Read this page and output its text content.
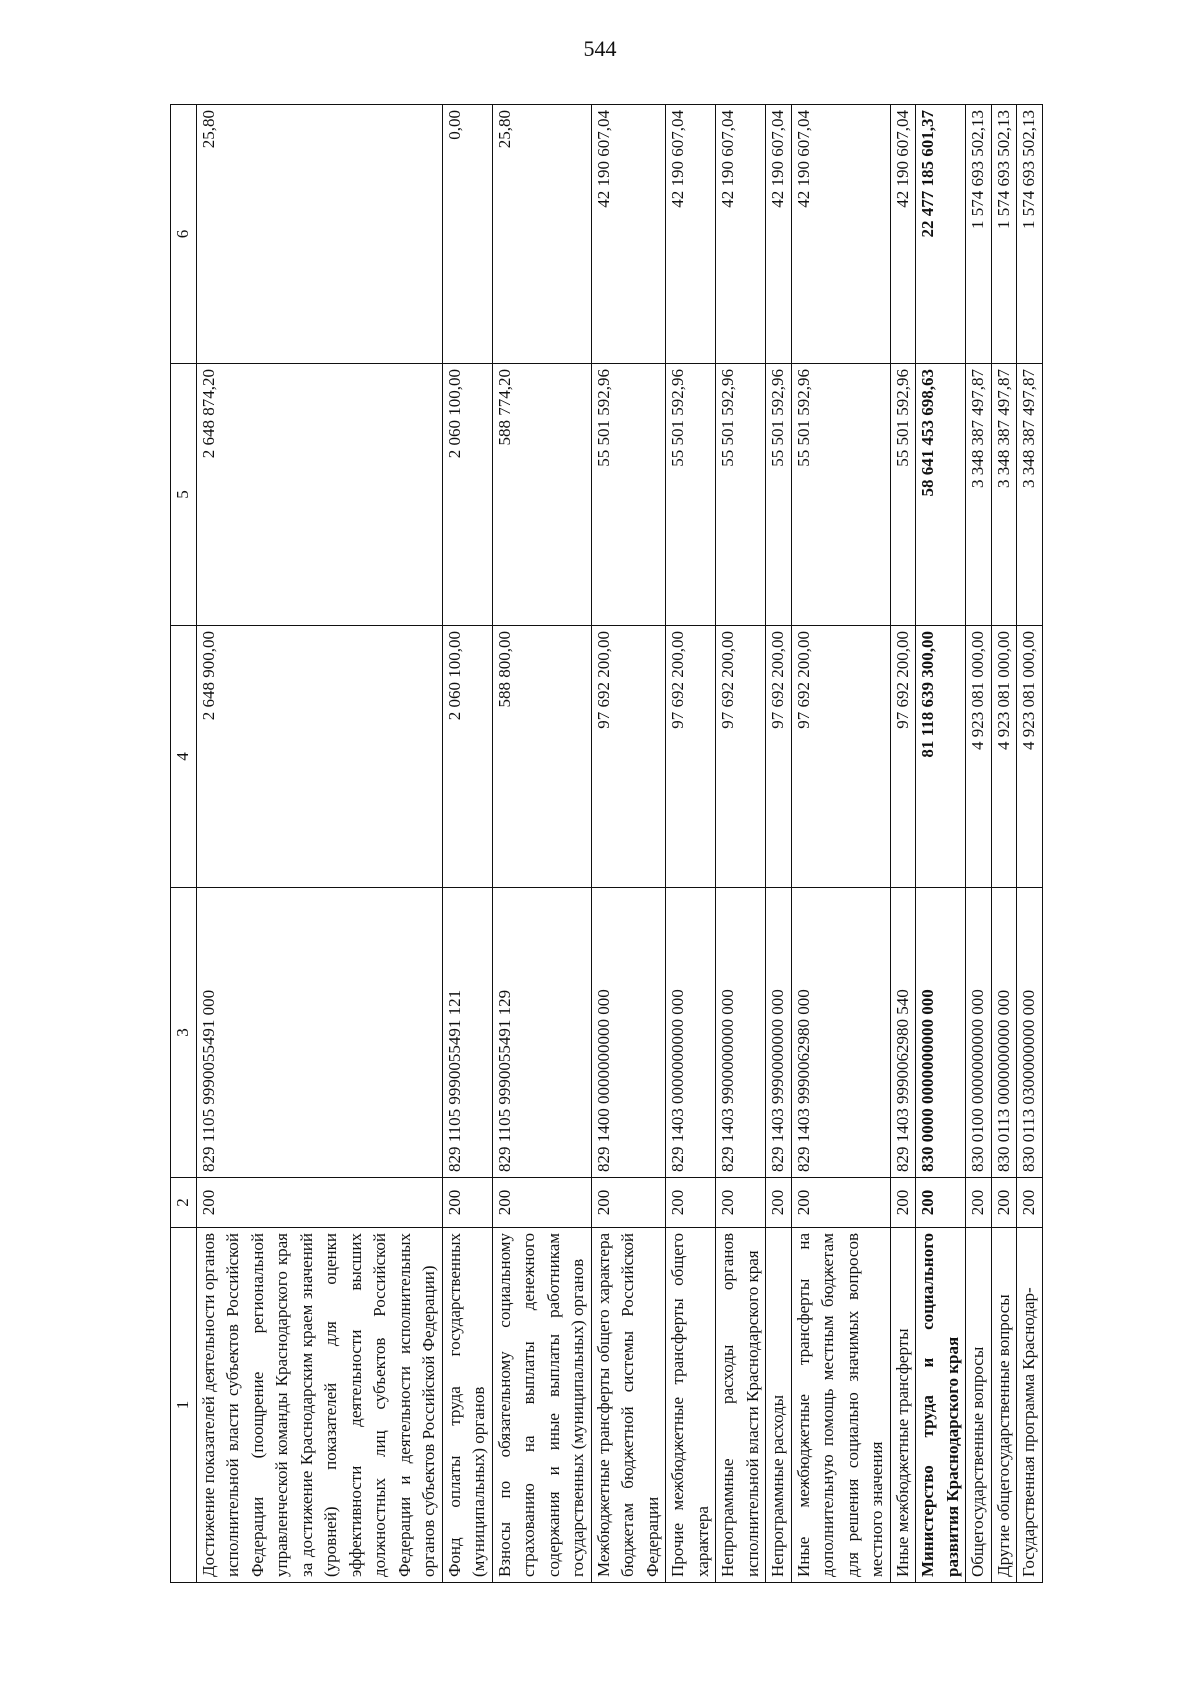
544
1	2	3	4	5	6
Достижение показателей деятельности органов исполнительной власти субъектов Российской Федерации (поощрение региональной управленческой команды Краснодарского края за достижение Краснодарским краем значений (уровней) показателей для оценки эффективности деятельности высших должностных лиц субъектов Российской Федерации и деятельности исполнительных органов субъектов Российской Федерации)	200	829 1105 9990055491 000	2 648 900,00	2 648 874,20	25,80
Фонд оплаты труда государственных (муниципальных) органов	200	829 1105 9990055491 121	2 060 100,00	2 060 100,00	0,00
Взносы по обязательному социальному страхованию на выплаты денежного содержания и иные выплаты работникам государственных (муниципальных) органов	200	829 1105 9990055491 129	588 800,00	588 774,20	25,80
Межбюджетные трансферты общего характера бюджетам бюджетной системы Российской Федерации	200	829 1400 0000000000 000	97 692 200,00	55 501 592,96	42 190 607,04
Прочие межбюджетные трансферты общего характера	200	829 1403 0000000000 000	97 692 200,00	55 501 592,96	42 190 607,04
Непрограммные расходы органов исполнительной власти Краснодарского края	200	829 1403 9900000000 000	97 692 200,00	55 501 592,96	42 190 607,04
Непрограммные расходы	200	829 1403 9990000000 000	97 692 200,00	55 501 592,96	42 190 607,04
Иные межбюджетные трансферты на дополнительную помощь местным бюджетам для решения социально значимых вопросов местного значения	200	829 1403 9990062980 000	97 692 200,00	55 501 592,96	42 190 607,04
Иные межбюджетные трансферты	200	829 1403 9990062980 540	97 692 200,00	55 501 592,96	42 190 607,04
Министерство труда и социального развития Краснодарского края	200	830 0000 0000000000 000	81 118 639 300,00	58 641 453 698,63	22 477 185 601,37
Общегосударственные вопросы	200	830 0100 0000000000 000	4 923 081 000,00	3 348 387 497,87	1 574 693 502,13
Другие общегосударственные вопросы	200	830 0113 0000000000 000	4 923 081 000,00	3 348 387 497,87	1 574 693 502,13
Государственная программа Краснодар-	200	830 0113 0300000000 000	4 923 081 000,00	3 348 387 497,87	1 574 693 502,13
